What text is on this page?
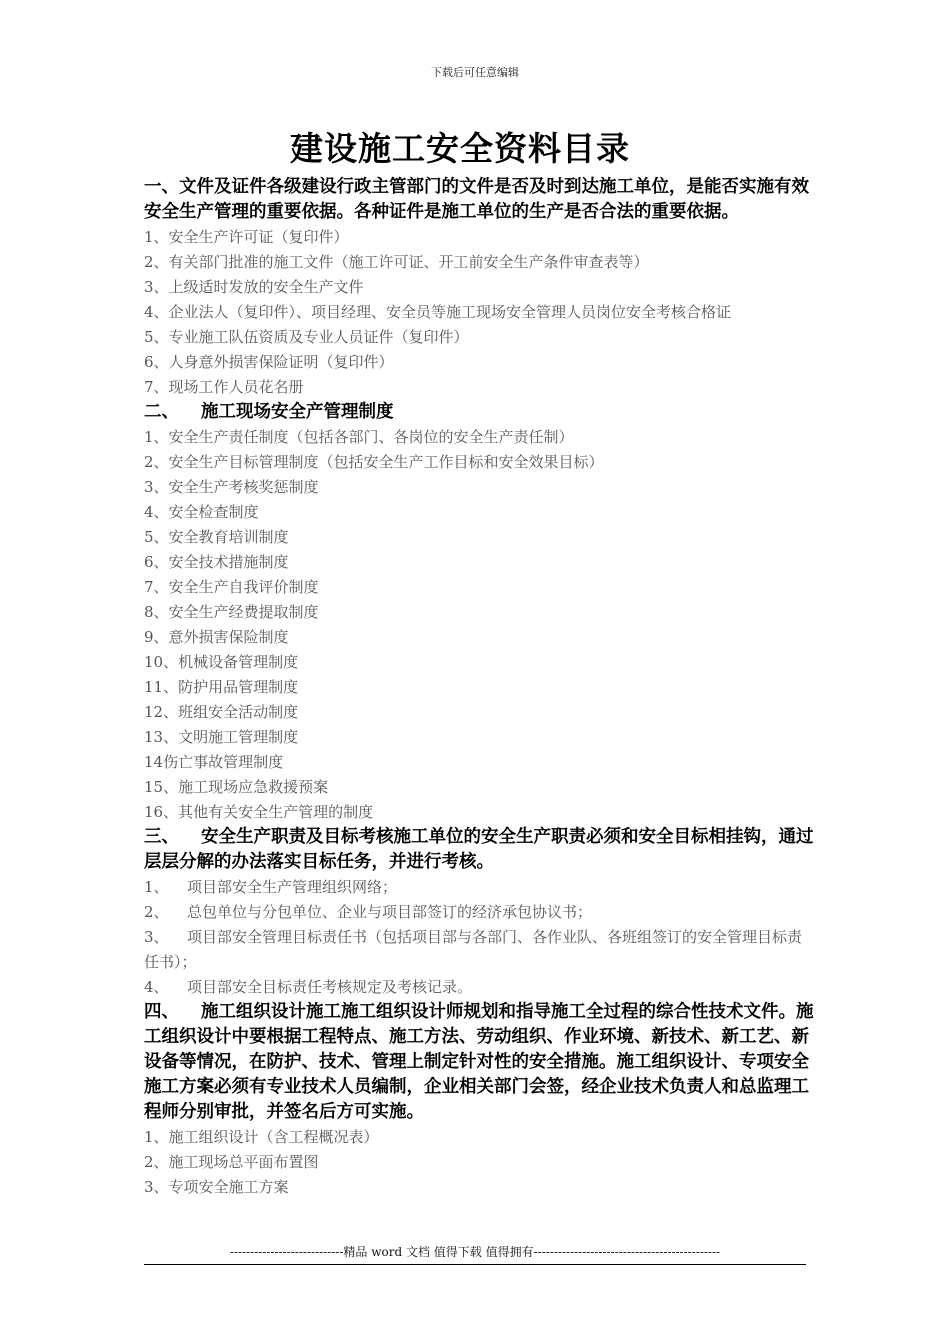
下载后可任意编辑
建设施工安全资料目录
一、文件及证件各级建设行政主管部门的文件是否及时到达施工单位，是能否实施有效安全生产管理的重要依据。各种证件是施工单位的生产是否合法的重要依据。
1、安全生产许可证（复印件）
2、有关部门批准的施工文件（施工许可证、开工前安全生产条件审查表等）
3、上级适时发放的安全生产文件
4、企业法人（复印件）、项目经理、安全员等施工现场安全管理人员岗位安全考核合格证
5、专业施工队伍资质及专业人员证件（复印件）
6、人身意外损害保险证明（复印件）
7、现场工作人员花名册
二、 施工现场安全产管理制度
1、安全生产责任制度（包括各部门、各岗位的安全生产责任制）
2、安全生产目标管理制度（包括安全生产工作目标和安全效果目标）
3、安全生产考核奖惩制度
4、安全检查制度
5、安全教育培训制度
6、安全技术措施制度
7、安全生产自我评价制度
8、安全生产经费提取制度
9、意外损害保险制度
10、机械设备管理制度
11、防护用品管理制度
12、班组安全活动制度
13、文明施工管理制度
14伤亡事故管理制度
15、施工现场应急救援预案
16、其他有关安全生产管理的制度
三、 安全生产职责及目标考核施工单位的安全生产职责必须和安全目标相挂钩，通过层层分解的办法落实目标任务，并进行考核。
1、 项目部安全生产管理组织网络；
2、 总包单位与分包单位、企业与项目部签订的经济承包协议书；
3、 项目部安全管理目标责任书（包括项目部与各部门、各作业队、各班组签订的安全管理目标责任书）；
4、 项目部安全目标责任考核规定及考核记录。
四、 施工组织设计施工施工组织设计师规划和指导施工全过程的综合性技术文件。施工组织设计中要根据工程特点、施工方法、劳动组织、作业环境、新技术、新工艺、新设备等情况，在防护、技术、管理上制定针对性的安全措施。施工组织设计、专项安全施工方案必须有专业技术人员编制，企业相关部门会签，经企业技术负责人和总监理工程师分别审批，并签名后方可实施。
1、施工组织设计（含工程概况表）
2、施工现场总平面布置图
3、专项安全施工方案
----------------------------精品 word 文档 值得下载 值得拥有----------------------------------------------
